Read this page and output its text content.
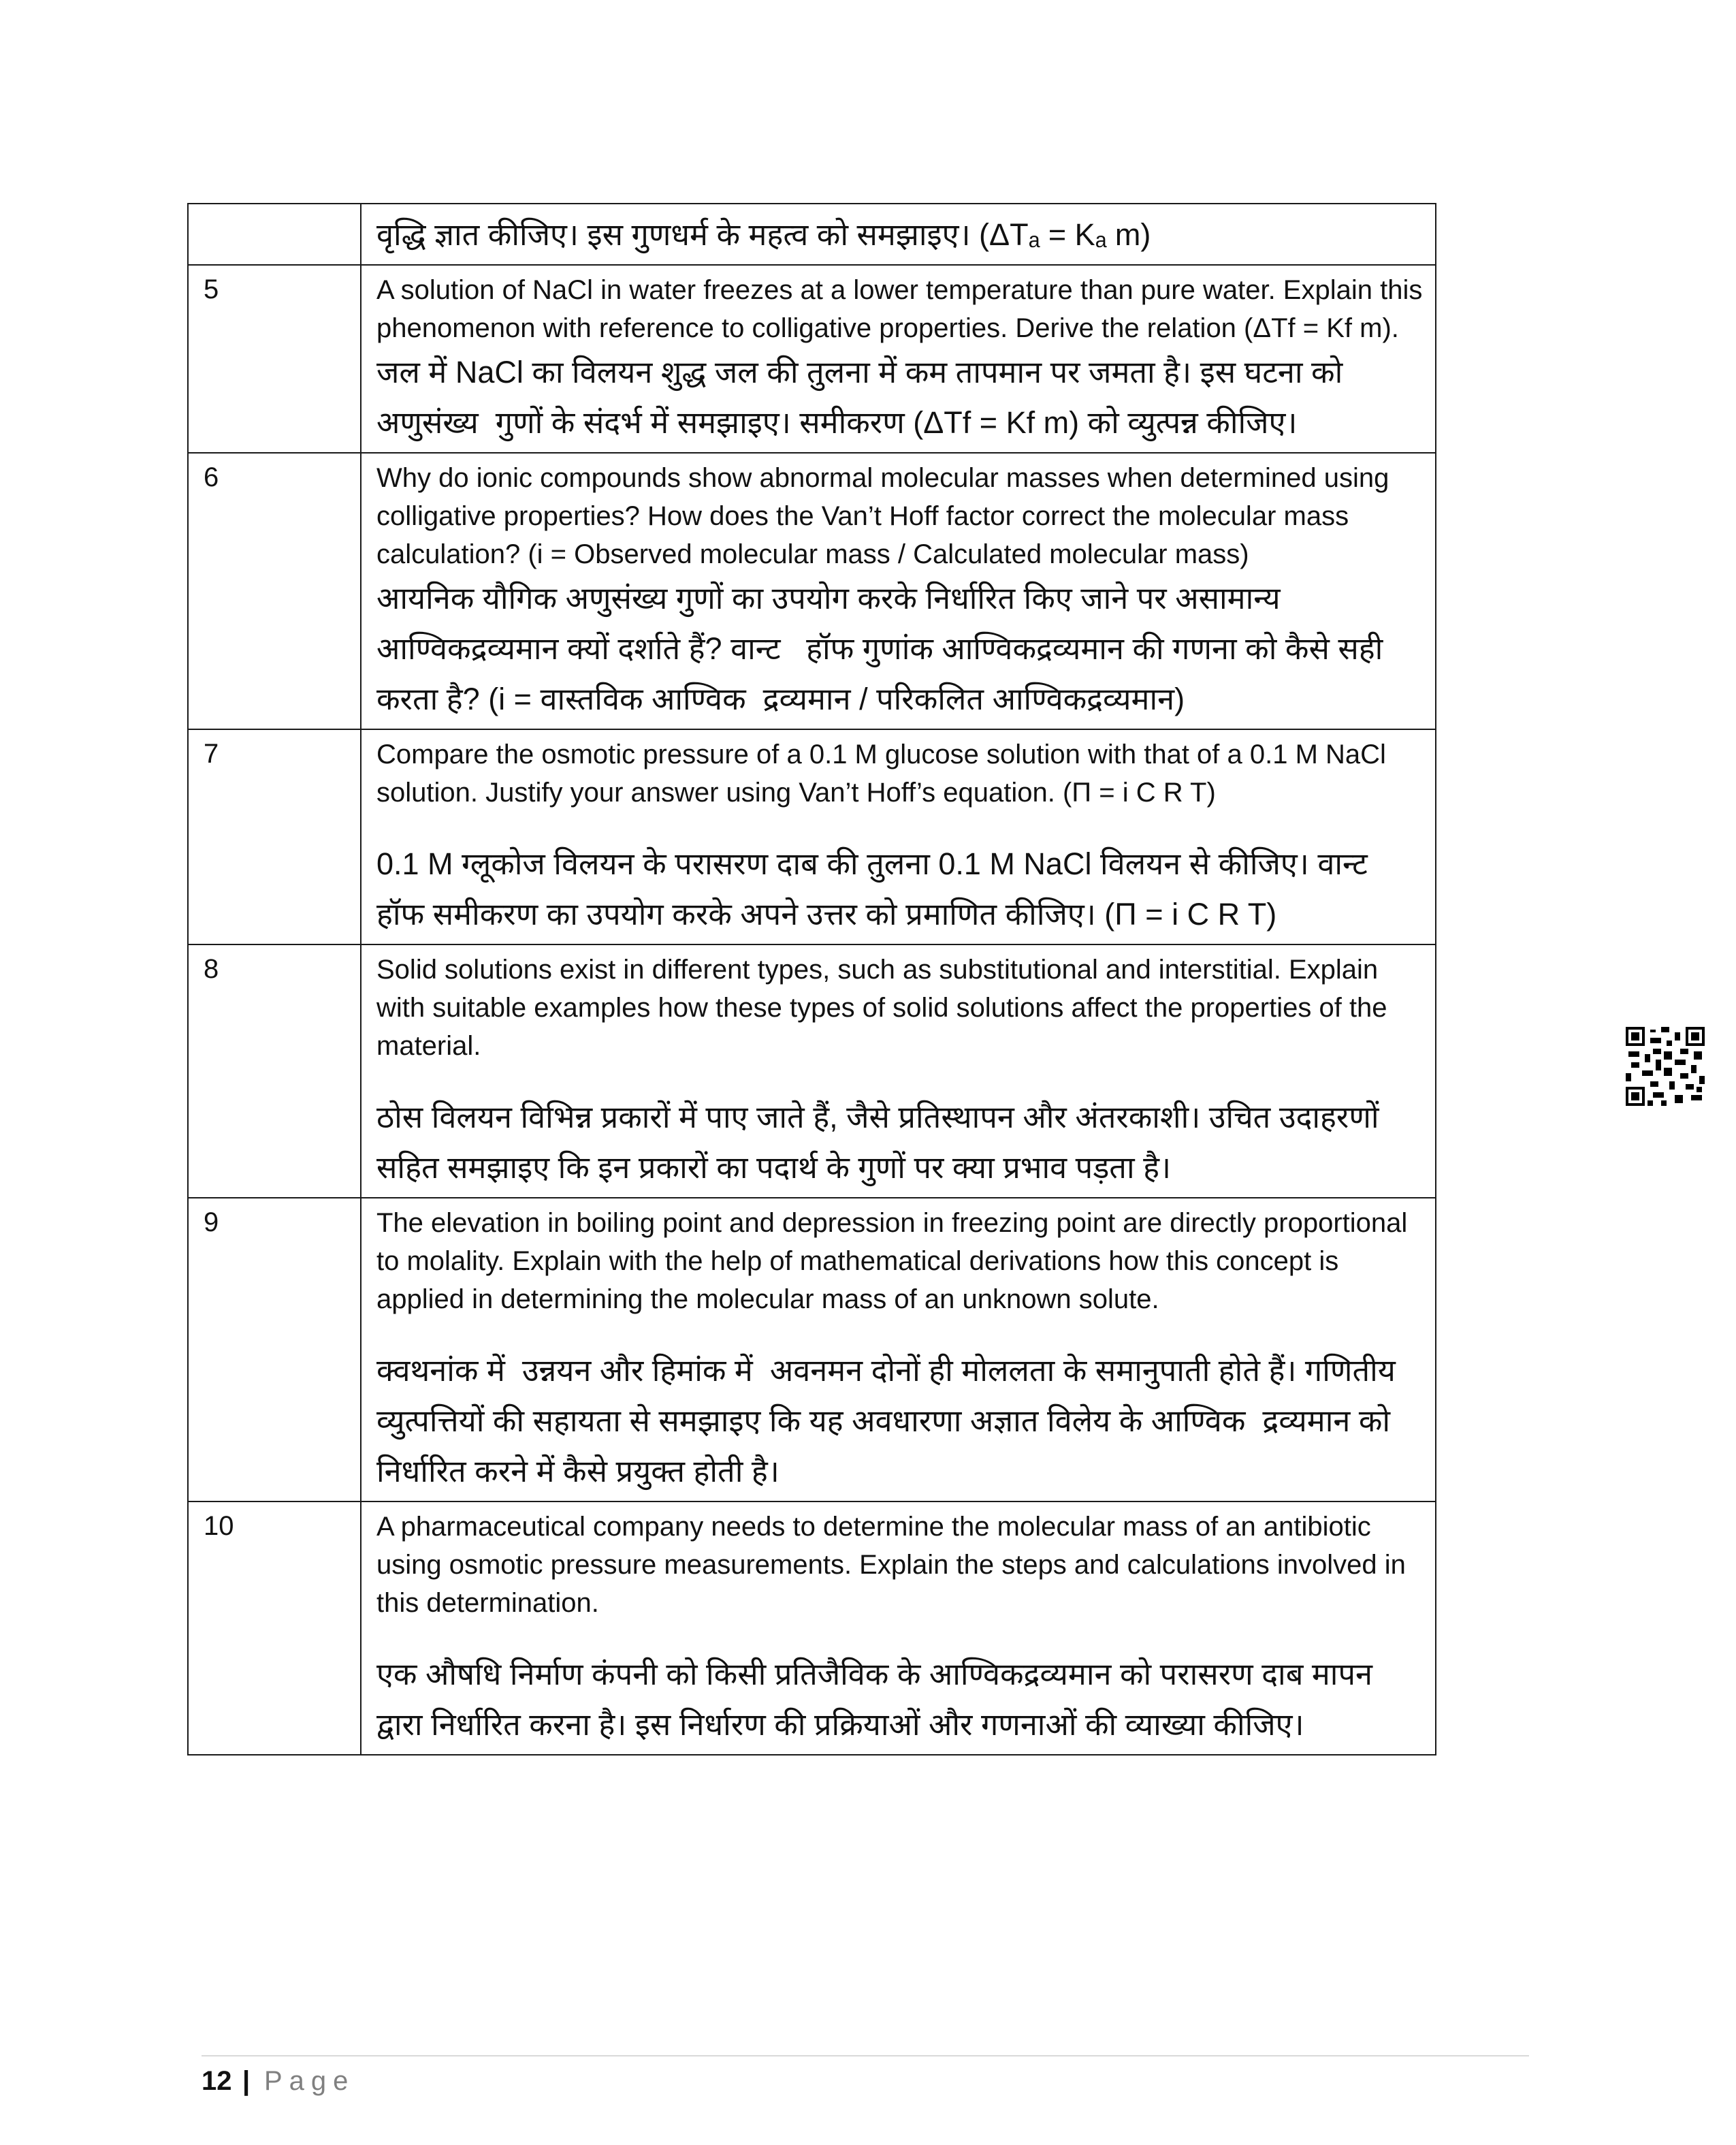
	वृद्धि ज्ञात कीजिए। इस गुणधर्म के महत्व को समझाइए। (ΔTₐ = Kₐ m)

5	A solution of NaCl in water freezes at a lower temperature than pure water. Explain this phenomenon with reference to colligative properties. Derive the relation (ΔTf = Kf m).

जल में NaCl का विलयन शुद्ध जल की तुलना में कम तापमान पर जमता है। इस घटना को अणुसंख्य  गुणों के संदर्भ में समझाइए। समीकरण (ΔTf = Kf m) को व्युत्पन्न कीजिए।

6	Why do ionic compounds show abnormal molecular masses when determined using colligative properties? How does the Van’t Hoff factor correct the molecular mass calculation? (i = Observed molecular mass / Calculated molecular mass)

आयनिक यौगिक अणुसंख्य गुणों का उपयोग करके निर्धारित किए जाने पर असामान्य आण्विकद्रव्यमान क्यों दर्शाते हैं? वान्ट   हॉफ गुणांक आण्विकद्रव्यमान की गणना को कैसे सही करता है? (i = वास्तविक आण्विक  द्रव्यमान / परिकलित आण्विकद्रव्यमान)

7	Compare the osmotic pressure of a 0.1 M glucose solution with that of a 0.1 M NaCl solution. Justify your answer using Van’t Hoff’s equation. (Π = i C R T)

0.1 M ग्लूकोज विलयन के परासरण दाब की तुलना 0.1 M NaCl विलयन से कीजिए। वान्ट   हॉफ समीकरण का उपयोग करके अपने उत्तर को प्रमाणित कीजिए। (Π = i C R T)

8	Solid solutions exist in different types, such as substitutional and interstitial. Explain with suitable examples how these types of solid solutions affect the properties of the material.

ठोस विलयन विभिन्न प्रकारों में पाए जाते हैं, जैसे प्रतिस्थापन और अंतरकाशी। उचित उदाहरणों सहित समझाइए कि इन प्रकारों का पदार्थ के गुणों पर क्या प्रभाव पड़ता है।

9	The elevation in boiling point and depression in freezing point are directly proportional to molality. Explain with the help of mathematical derivations how this concept is applied in determining the molecular mass of an unknown solute.

क्वथनांक में  उन्नयन और हिमांक में  अवनमन दोनों ही मोललता के समानुपाती होते हैं। गणितीय व्युत्पत्तियों की सहायता से समझाइए कि यह अवधारणा अज्ञात विलेय के आण्विक  द्रव्यमान को निर्धारित करने में कैसे प्रयुक्त होती है।

10	A pharmaceutical company needs to determine the molecular mass of an antibiotic using osmotic pressure measurements. Explain the steps and calculations involved in this determination.

एक औषधि निर्माण कंपनी को किसी प्रतिजैविक के आण्विकद्रव्यमान को परासरण दाब मापन द्वारा निर्धारित करना है। इस निर्धारण की प्रक्रियाओं और गणनाओं की व्याख्या कीजिए।

12 | Page
